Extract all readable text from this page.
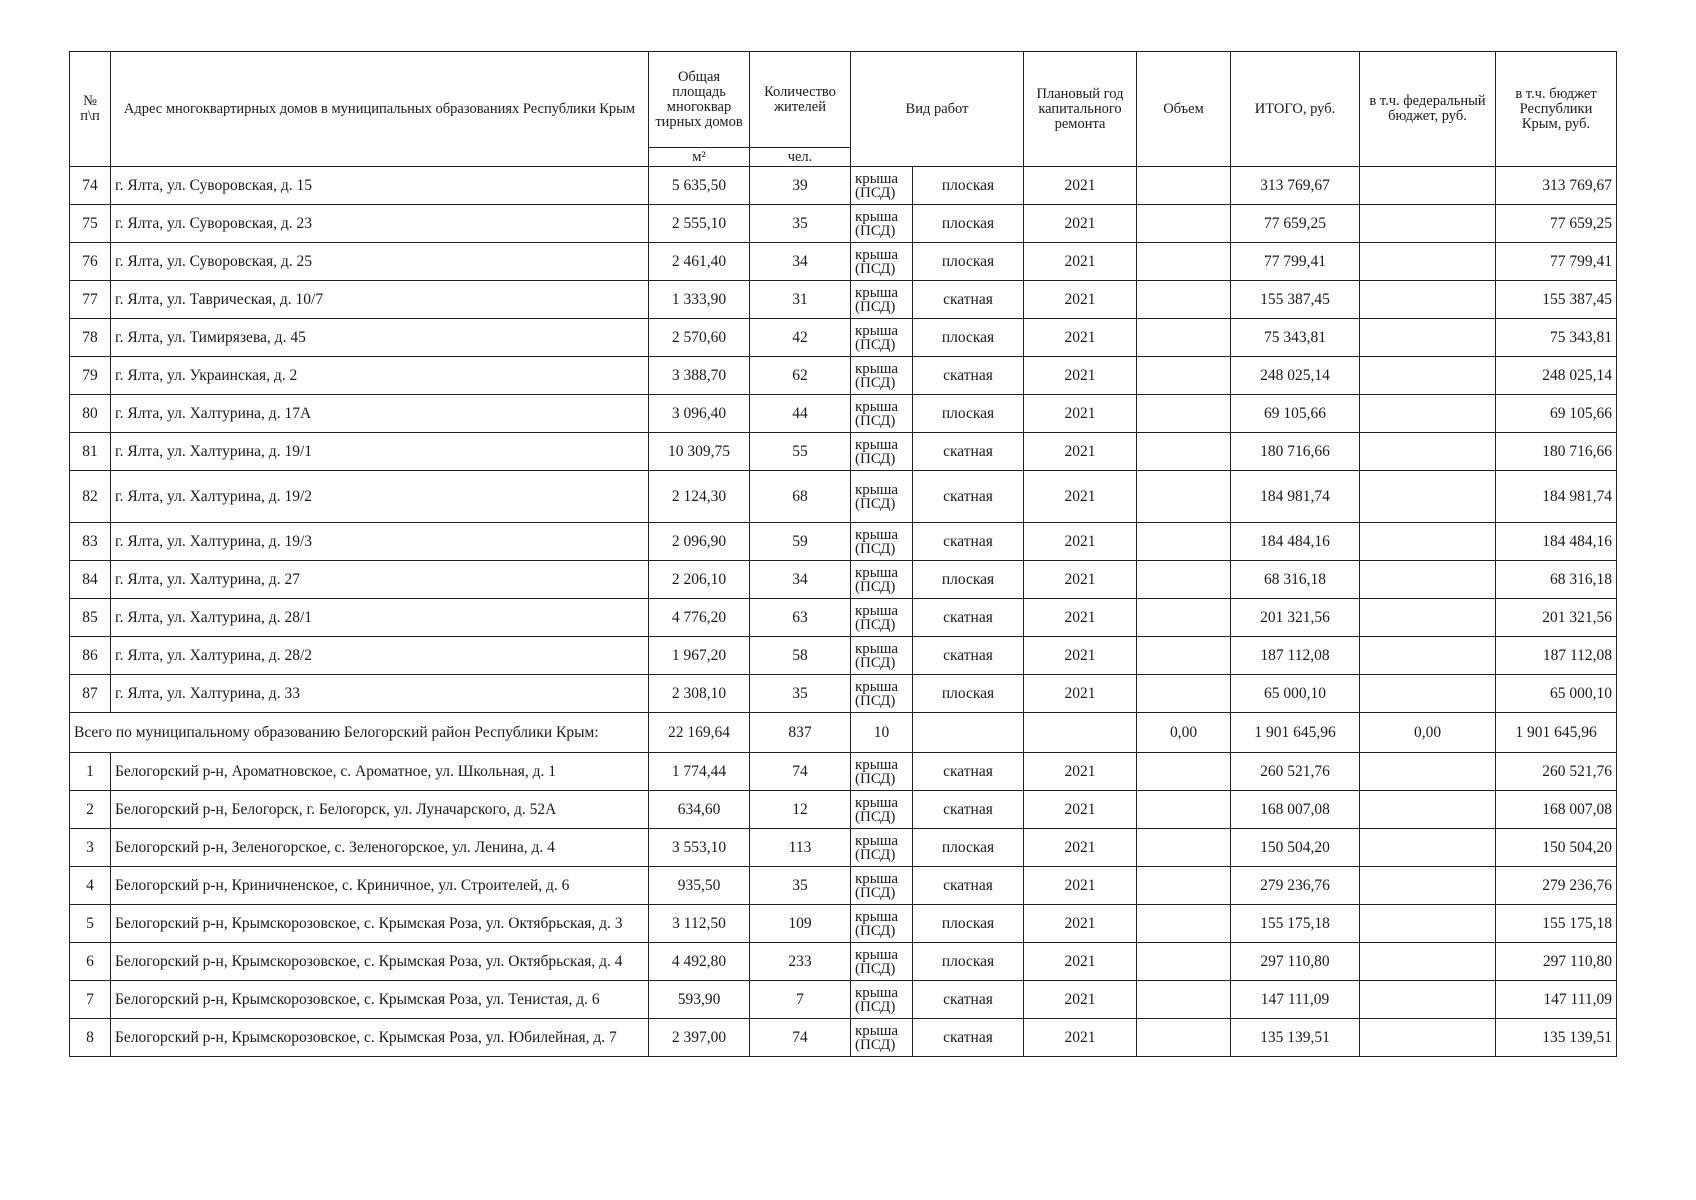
№ п\п	Адрес многоквартирных домов в муниципальных образованиях Республики Крым	Общая площадь многоквар тирных домов	Количество жителей	Вид работ		Плановый год капитального ремонта	Объем	ИТОГО, руб.	в т.ч. федеральный бюджет, руб.	в т.ч. бюджет Республики Крым, руб.
		м²	чел.							
74	г. Ялта, ул. Суворовская, д. 15	5 635,50	39	крыша (ПСД)	плоская	2021		313 769,67		313 769,67
75	г. Ялта, ул. Суворовская, д. 23	2 555,10	35	крыша (ПСД)	плоская	2021		77 659,25		77 659,25
76	г. Ялта, ул. Суворовская, д. 25	2 461,40	34	крыша (ПСД)	плоская	2021		77 799,41		77 799,41
77	г. Ялта, ул. Таврическая, д. 10/7	1 333,90	31	крыша (ПСД)	скатная	2021		155 387,45		155 387,45
78	г. Ялта, ул. Тимирязева, д. 45	2 570,60	42	крыша (ПСД)	плоская	2021		75 343,81		75 343,81
79	г. Ялта, ул. Украинская, д. 2	3 388,70	62	крыша (ПСД)	скатная	2021		248 025,14		248 025,14
80	г. Ялта, ул. Халтурина, д. 17А	3 096,40	44	крыша (ПСД)	плоская	2021		69 105,66		69 105,66
81	г. Ялта, ул. Халтурина, д. 19/1	10 309,75	55	крыша (ПСД)	скатная	2021		180 716,66		180 716,66
82	г. Ялта, ул. Халтурина, д. 19/2	2 124,30	68	крыша (ПСД)	скатная	2021		184 981,74		184 981,74
83	г. Ялта, ул. Халтурина, д. 19/3	2 096,90	59	крыша (ПСД)	скатная	2021		184 484,16		184 484,16
84	г. Ялта, ул. Халтурина, д. 27	2 206,10	34	крыша (ПСД)	плоская	2021		68 316,18		68 316,18
85	г. Ялта, ул. Халтурина, д. 28/1	4 776,20	63	крыша (ПСД)	скатная	2021		201 321,56		201 321,56
86	г. Ялта, ул. Халтурина, д. 28/2	1 967,20	58	крыша (ПСД)	скатная	2021		187 112,08		187 112,08
87	г. Ялта, ул. Халтурина, д. 33	2 308,10	35	крыша (ПСД)	плоская	2021		65 000,10		65 000,10
Всего по муниципальному образованию Белогорский район Республики Крым:		22 169,64	837	10			0,00	1 901 645,96	0,00	1 901 645,96
1	Белогорский р-н, Ароматновское, с. Ароматное, ул. Школьная, д. 1	1 774,44	74	крыша (ПСД)	скатная	2021		260 521,76		260 521,76
2	Белогорский р-н, Белогорск, г. Белогорск, ул. Луначарского, д. 52А	634,60	12	крыша (ПСД)	скатная	2021		168 007,08		168 007,08
3	Белогорский р-н, Зеленогорское, с. Зеленогорское, ул. Ленина, д. 4	3 553,10	113	крыша (ПСД)	плоская	2021		150 504,20		150 504,20
4	Белогорский р-н, Криничненское, с. Криничное, ул. Строителей, д. 6	935,50	35	крыша (ПСД)	скатная	2021		279 236,76		279 236,76
5	Белогорский р-н, Крымскорозовское, с. Крымская Роза, ул. Октябрьская, д. 3	3 112,50	109	крыша (ПСД)	плоская	2021		155 175,18		155 175,18
6	Белогорский р-н, Крымскорозовское, с. Крымская Роза, ул. Октябрьская, д. 4	4 492,80	233	крыша (ПСД)	плоская	2021		297 110,80		297 110,80
7	Белогорский р-н, Крымскорозовское, с. Крымская Роза, ул. Тенистая, д. 6	593,90	7	крыша (ПСД)	скатная	2021		147 111,09		147 111,09
8	Белогорский р-н, Крымскорозовское, с. Крымская Роза, ул. Юбилейная, д. 7	2 397,00	74	крыша (ПСД)	скатная	2021		135 139,51		135 139,51
